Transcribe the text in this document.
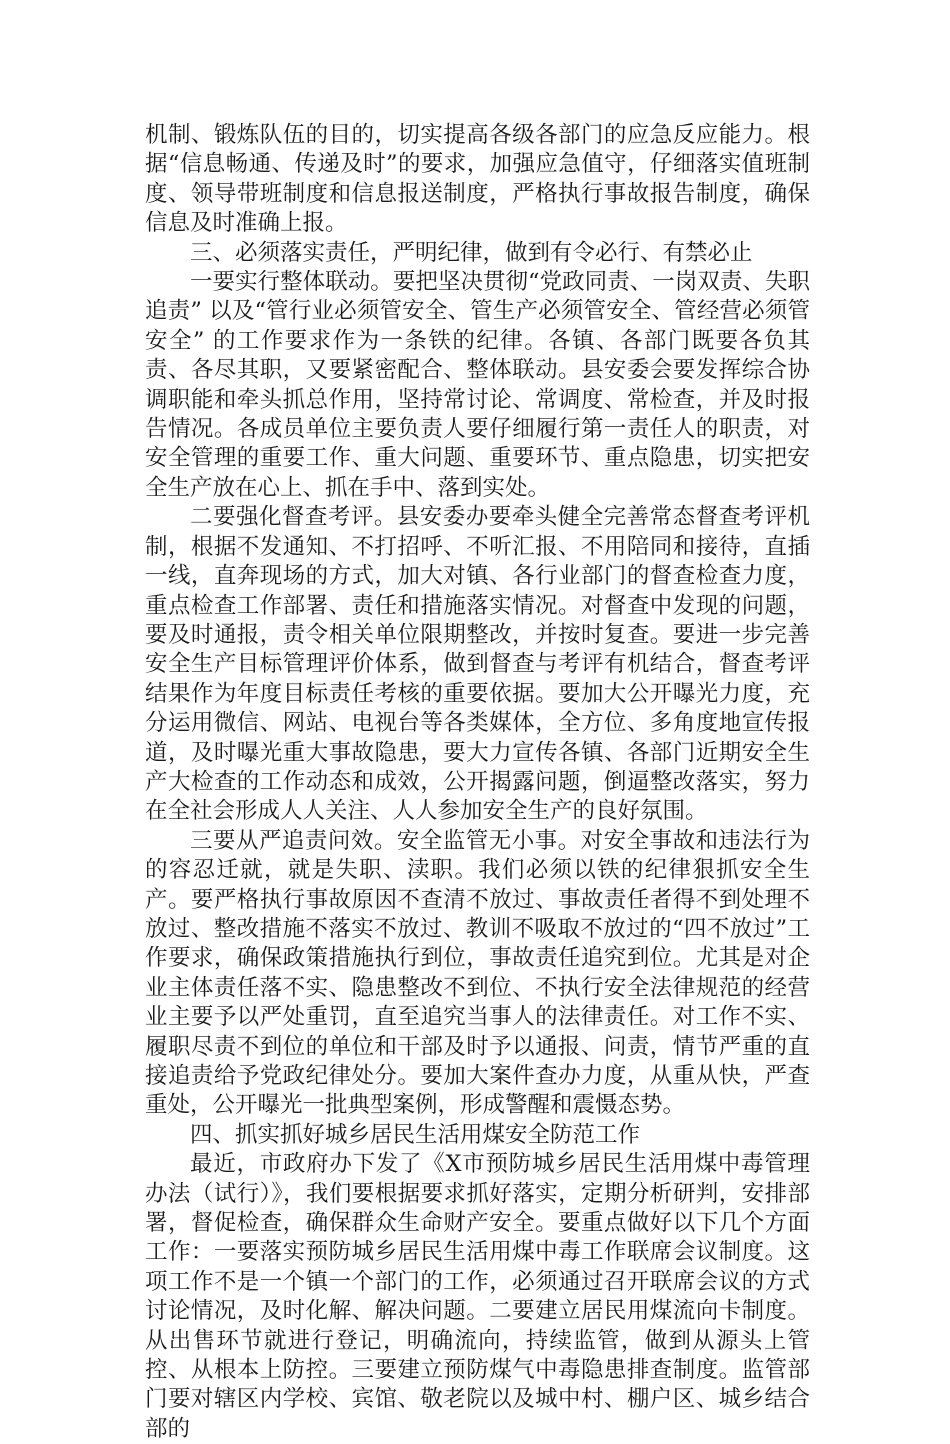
机制、锻炼队伍的目的，切实提高各级各部门的应急反应能力。根据“信息畅通、传递及时”的要求，加强应急值守，仔细落实值班制度、领导带班制度和信息报送制度，严格执行事故报告制度，确保信息及时准确上报。

三、必须落实责任，严明纪律，做到有令必行、有禁必止

一要实行整体联动。要把坚决贯彻“党政同责、一岗双责、失职追责” 以及“管行业必须管安全、管生产必须管安全、管经营必须管安全” 的工作要求作为一条铁的纪律。各镇、各部门既要各负其责、各尽其职，又要紧密配合、整体联动。县安委会要发挥综合协调职能和牵头抓总作用，坚持常讨论、常调度、常检查，并及时报告情况。各成员单位主要负责人要仔细履行第一责任人的职责，对安全管理的重要工作、重大问题、重要环节、重点隐患，切实把安全生产放在心上、抓在手中、落到实处。

二要强化督查考评。县安委办要牵头健全完善常态督查考评机制，根据不发通知、不打招呼、不听汇报、不用陪同和接待，直插一线，直奔现场的方式，加大对镇、各行业部门的督查检查力度，重点检查工作部署、责任和措施落实情况。对督查中发现的问题，要及时通报，责令相关单位限期整改，并按时复查。要进一步完善安全生产目标管理评价体系，做到督查与考评有机结合，督查考评结果作为年度目标责任考核的重要依据。要加大公开曝光力度，充分运用微信、网站、电视台等各类媒体，全方位、多角度地宣传报道，及时曝光重大事故隐患，要大力宣传各镇、各部门近期安全生产大检查的工作动态和成效，公开揭露问题，倒逼整改落实，努力在全社会形成人人关注、人人参加安全生产的良好氛围。

三要从严追责问效。安全监管无小事。对安全事故和违法行为的容忍迁就，就是失职、渎职。我们必须以铁的纪律狠抓安全生产。要严格执行事故原因不查清不放过、事故责任者得不到处理不放过、整改措施不落实不放过、教训不吸取不放过的“四不放过”工作要求，确保政策措施执行到位，事故责任追究到位。尤其是对企业主体责任落不实、隐患整改不到位、不执行安全法律规范的经营业主要予以严处重罚，直至追究当事人的法律责任。对工作不实、履职尽责不到位的单位和干部及时予以通报、问责，情节严重的直接追责给予党政纪律处分。要加大案件查办力度，从重从快，严查重处，公开曝光一批典型案例，形成警醒和震慑态势。

四、抓实抓好城乡居民生活用煤安全防范工作

最近，市政府办下发了《X市预防城乡居民生活用煤中毒管理办法（试行）》，我们要根据要求抓好落实，定期分析研判，安排部署，督促检查，确保群众生命财产安全。要重点做好以下几个方面工作：一要落实预防城乡居民生活用煤中毒工作联席会议制度。这项工作不是一个镇一个部门的工作，必须通过召开联席会议的方式讨论情况，及时化解、解决问题。二要建立居民用煤流向卡制度。从出售环节就进行登记，明确流向，持续监管，做到从源头上管控、从根本上防控。三要建立预防煤气中毒隐患排查制度。监管部门要对辖区内学校、宾馆、敬老院以及城中村、棚户区、城乡结合部的
